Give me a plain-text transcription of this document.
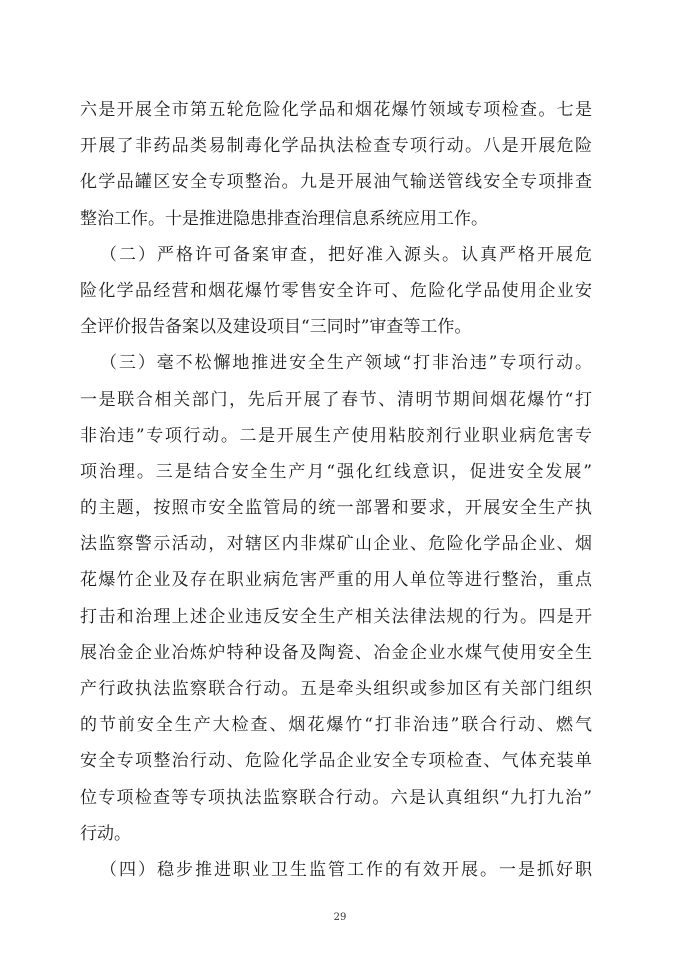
六是开展全市第五轮危险化学品和烟花爆竹领域专项检查。七是
开展了非药品类易制毒化学品执法检查专项行动。八是开展危险
化学品罐区安全专项整治。九是开展油气输送管线安全专项排查
整治工作。十是推进隐患排查治理信息系统应用工作。
（二）严格许可备案审查，把好准入源头。认真严格开展危
险化学品经营和烟花爆竹零售安全许可、危险化学品使用企业安
全评价报告备案以及建设项目“三同时”审查等工作。
（三）毫不松懈地推进安全生产领域“打非治违”专项行动。
一是联合相关部门，先后开展了春节、清明节期间烟花爆竹“打
非治违”专项行动。二是开展生产使用粘胶剂行业职业病危害专
项治理。三是结合安全生产月“强化红线意识，促进安全发展”
的主题，按照市安全监管局的统一部署和要求，开展安全生产执
法监察警示活动，对辖区内非煤矿山企业、危险化学品企业、烟
花爆竹企业及存在职业病危害严重的用人单位等进行整治，重点
打击和治理上述企业违反安全生产相关法律法规的行为。四是开
展冶金企业冶炼炉特种设备及陶瓷、冶金企业水煤气使用安全生
产行政执法监察联合行动。五是牵头组织或参加区有关部门组织
的节前安全生产大检查、烟花爆竹“打非治违”联合行动、燃气
安全专项整治行动、危险化学品企业安全专项检查、气体充装单
位专项检查等专项执法监察联合行动。六是认真组织“九打九治”
行动。
（四）稳步推进职业卫生监管工作的有效开展。一是抓好职
29
